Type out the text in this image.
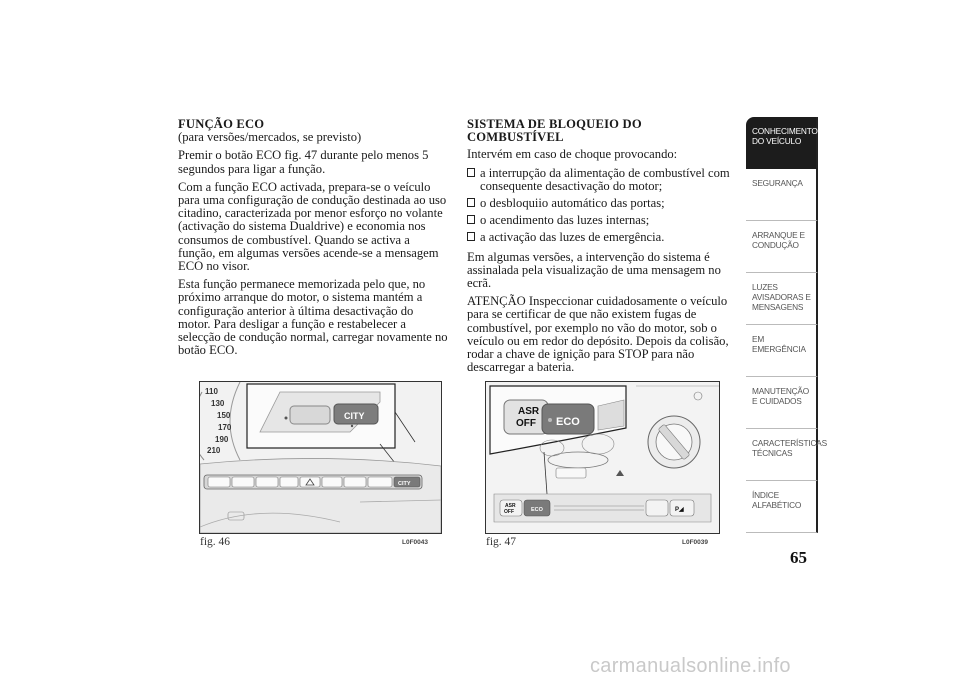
FUNÇÃO ECO

(para versões/mercados, se previsto)

Premir o botão ECO fig. 47 durante pelo menos 5 segundos para ligar a função.

Com a função ECO activada, prepara-se o veículo para uma configuração de condução destinada ao uso citadino, caracterizada por menor esforço no volante (activação do sistema Dualdrive) e economia nos consumos de combustível. Quando se activa a função, em algumas versões acende-se a mensagem ECO no visor.

Esta função permanece memorizada pelo que, no próximo arranque do motor, o sistema mantém a configuração anterior à última desactivação do motor. Para desligar a função e restabelecer a selecção de condução normal, carregar novamente no botão ECO.

SISTEMA DE BLOQUEIO DO COMBUSTÍVEL

Intervém em caso de choque provocando:

a interrupção da alimentação de combustível com consequente desactivação do motor;
o desbloquiio automático das portas;
o acendimento das luzes internas;
a activação das luzes de emergência.

Em algumas versões, a intervenção do sistema é assinalada pela visualização de uma mensagem no ecrã.

ATENÇÃO Inspeccionar cuidadosamente o veículo para se certificar de que não existem fugas de combustível, por exemplo no vão do motor, sob o veículo ou em redor do depósito. Depois da colisão, rodar a chave de ignição para STOP para não descarregar a bateria.

110
130
150
170
190
210
CITY
CITY
fig. 46	L0F0043
ASR
OFF ECO
ASR
OFF	ECO	P◢
fig. 47	L0F0039
CONHECIMENTO DO VEÍCULO
SEGURANÇA
ARRANQUE E CONDUÇÃO
LUZES AVISADORAS E MENSAGENS
EM EMERGÊNCIA
MANUTENÇÃO E CUIDADOS
CARACTERÍSTICAS TÉCNICAS
ÍNDICE ALFABÉTICO
65
carmanualsonline.info
